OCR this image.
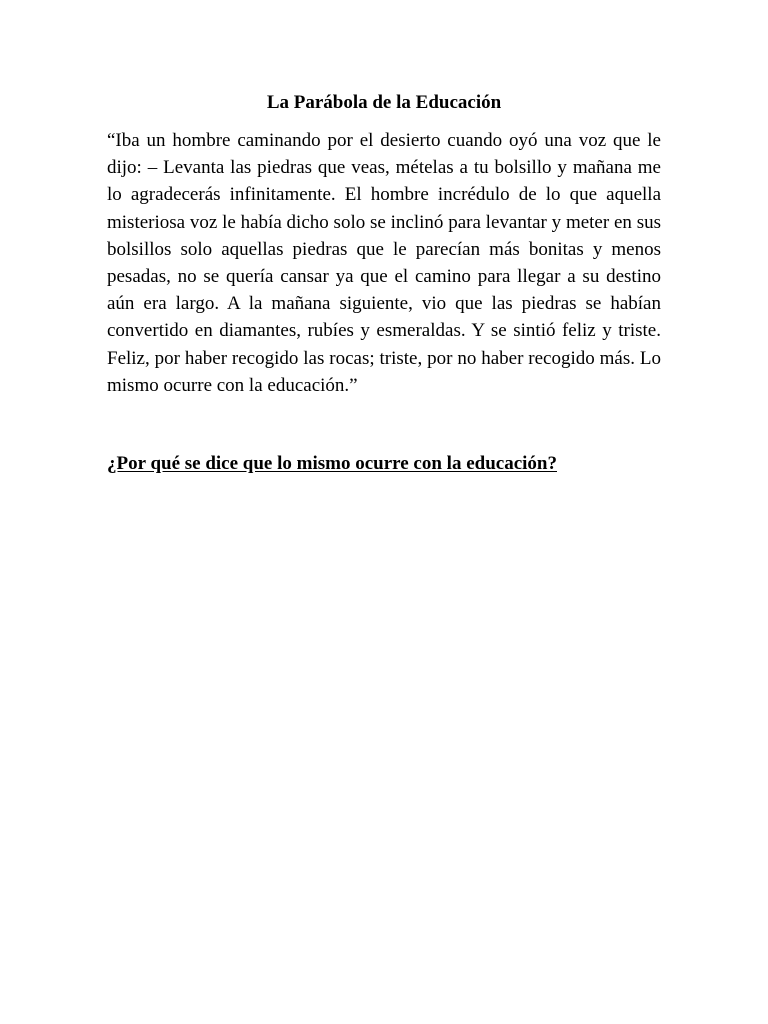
La Parábola de la Educación

“Iba un hombre caminando por el desierto cuando oyó una voz que le dijo: – Levanta las piedras que veas, mételas a tu bolsillo y mañana me lo agradecerás infinitamente. El hombre incrédulo de lo que aquella misteriosa voz le había dicho solo se inclinó para levantar y meter en sus bolsillos solo aquellas piedras que le parecían más bonitas y menos pesadas, no se quería cansar ya que el camino para llegar a su destino aún era largo. A la mañana siguiente, vio que las piedras se habían convertido en diamantes, rubíes y esmeraldas. Y se sintió feliz y triste. Feliz, por haber recogido las rocas; triste, por no haber recogido más. Lo mismo ocurre con la educación.”

¿Por qué se dice que lo mismo ocurre con la educación?
